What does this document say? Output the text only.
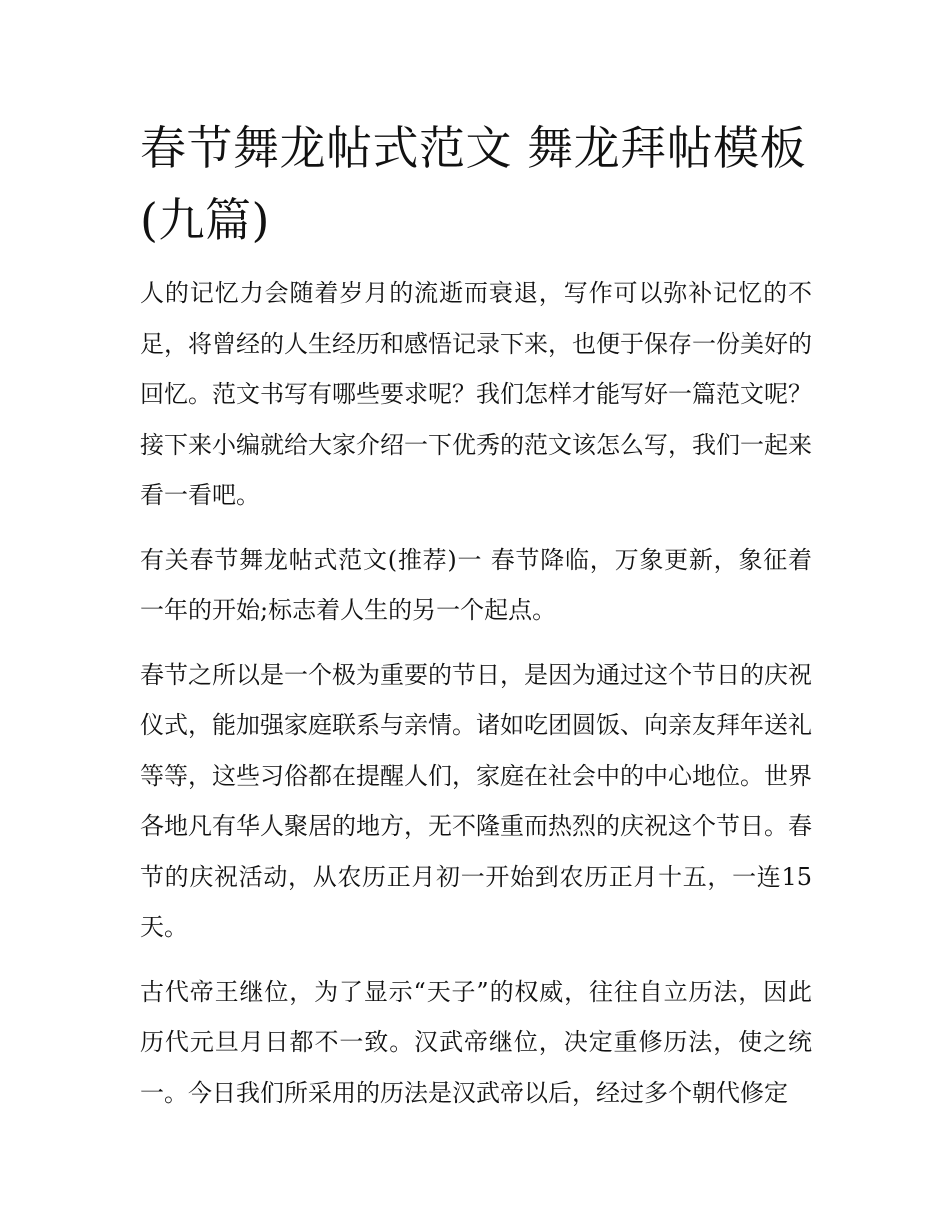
春节舞龙帖式范文 舞龙拜帖模板(九篇)

人的记忆力会随着岁月的流逝而衰退，写作可以弥补记忆的不足，将曾经的人生经历和感悟记录下来，也便于保存一份美好的回忆。范文书写有哪些要求呢？我们怎样才能写好一篇范文呢？接下来小编就给大家介绍一下优秀的范文该怎么写，我们一起来看一看吧。

有关春节舞龙帖式范文(推荐)一 春节降临，万象更新，象征着一年的开始;标志着人生的另一个起点。

春节之所以是一个极为重要的节日，是因为通过这个节日的庆祝仪式，能加强家庭联系与亲情。诸如吃团圆饭、向亲友拜年送礼等等，这些习俗都在提醒人们，家庭在社会中的中心地位。世界各地凡有华人聚居的地方，无不隆重而热烈的庆祝这个节日。春节的庆祝活动，从农历正月初一开始到农历正月十五，一连15天。

古代帝王继位，为了显示“天子”的权威，往往自立历法，因此历代元旦月日都不一致。汉武帝继位，决定重修历法，使之统一。今日我们所采用的历法是汉武帝以后，经过多个朝代修定
